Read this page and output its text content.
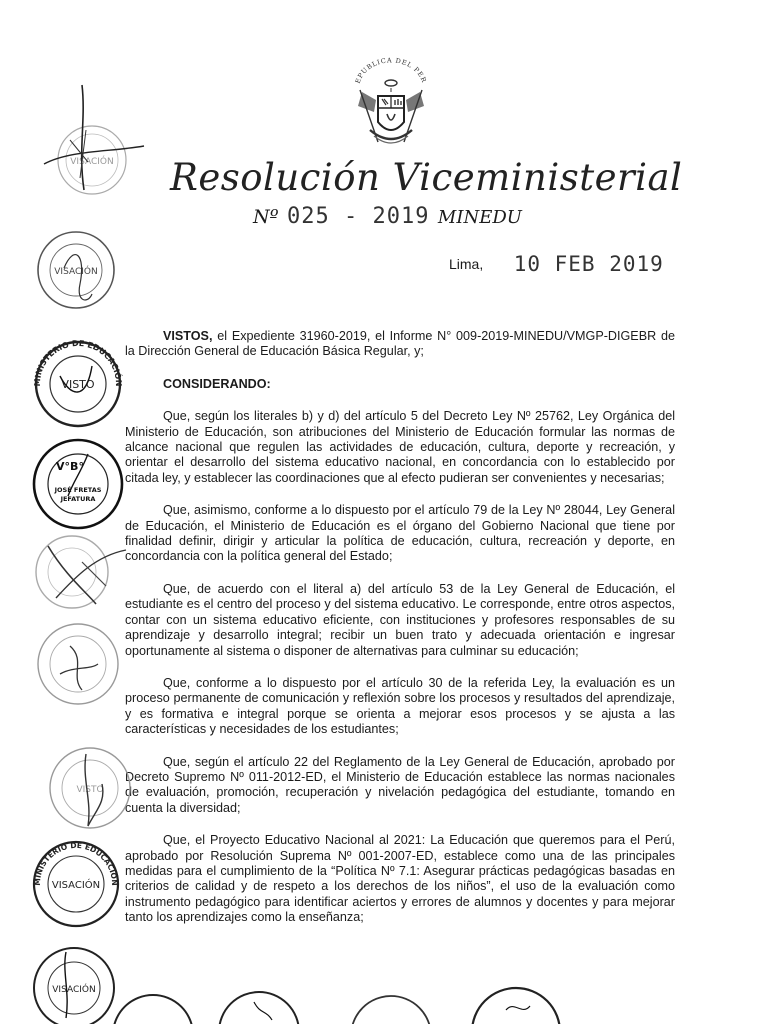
EPUBLICA DEL PER
Resolución Viceministerial
Nº 025 - 2019 MINEDU
Lima, 10 FEB 2019

VISTOS, el Expediente 31960-2019, el Informe N° 009-2019-MINEDU/VMGP-DIGEBR de la Dirección General de Educación Básica Regular, y;

CONSIDERANDO:

Que, según los literales b) y d) del artículo 5 del Decreto Ley Nº 25762, Ley Orgánica del Ministerio de Educación, son atribuciones del Ministerio de Educación formular las normas de alcance nacional que regulen las actividades de educación, cultura, deporte y recreación, y orientar el desarrollo del sistema educativo nacional, en concordancia con lo establecido por citada ley, y establecer las coordinaciones que al efecto pudieran ser convenientes y necesarias;

Que, asimismo, conforme a lo dispuesto por el artículo 79 de la Ley Nº 28044, Ley General de Educación, el Ministerio de Educación es el órgano del Gobierno Nacional que tiene por finalidad definir, dirigir y articular la política de educación, cultura, recreación y deporte, en concordancia con la política general del Estado;

Que, de acuerdo con el literal a) del artículo 53 de la Ley General de Educación, el estudiante es el centro del proceso y del sistema educativo. Le corresponde, entre otros aspectos, contar con un sistema educativo eficiente, con instituciones y profesores responsables de su aprendizaje y desarrollo integral; recibir un buen trato y adecuada orientación e ingresar oportunamente al sistema o disponer de alternativas para culminar su educación;

Que, conforme a lo dispuesto por el artículo 30 de la referida Ley, la evaluación es un proceso permanente de comunicación y reflexión sobre los procesos y resultados del aprendizaje, y es formativa e integral porque se orienta a mejorar esos procesos y se ajusta a las características y necesidades de los estudiantes;

Que, según el artículo 22 del Reglamento de la Ley General de Educación, aprobado por Decreto Supremo Nº 011-2012-ED, el Ministerio de Educación establece las normas nacionales de evaluación, promoción, recuperación y nivelación pedagógica del estudiante, tomando en cuenta la diversidad;

Que, el Proyecto Educativo Nacional al 2021: La Educación que queremos para el Perú, aprobado por Resolución Suprema Nº 001-2007-ED, establece como una de las principales medidas para el cumplimiento de la “Política Nº 7.1: Asegurar prácticas pedagógicas basadas en criterios de calidad y de respeto a los derechos de los niños”, el uso de la evaluación como instrumento pedagógico para identificar aciertos y errores de alumnos y docentes y para mejorar tanto los aprendizajes como la enseñanza;

VISACIÓN
VISACIÓN
MINISTERIO DE EDUCACIÓN
VISTO
V°B°
JOSÉ FRETAS
JEFATURA
VISTO
MINISTERIO DE EDUCACIÓN
VISACIÓN
VISACIÓN
